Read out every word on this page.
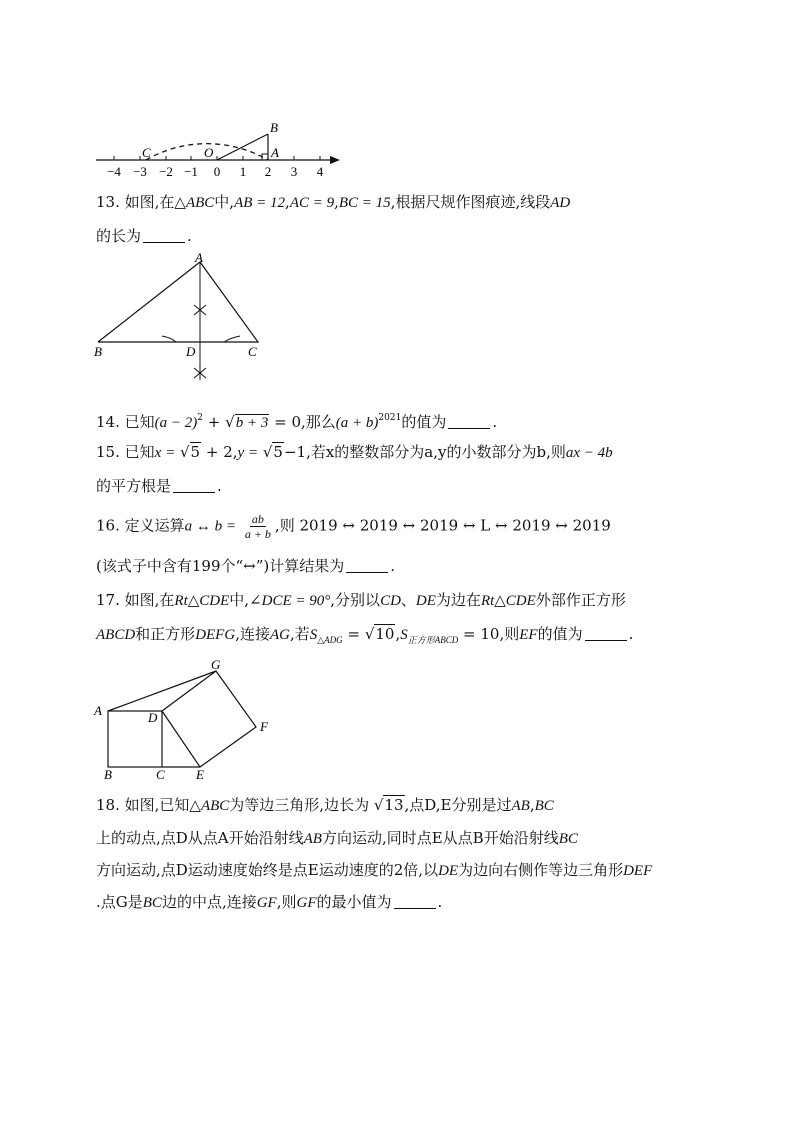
−4 −3 −2 −1 0 1 2 3 4
C	O	A
B
13. 如图,在△ABC中,AB = 12,AC = 9,BC = 15,根据尺规作图痕迹,线段AD
的长为	.
A
B	D	C
14. 已知$(a - 2)^2 + √b + 3 = 0$,那么$(a + b)^{2021}$的值为	.
15. 已知x = √5 + 2,y = √5−1,若x的整数部分为a,y的小数部分为b,则ax − 4b
的平方根是	.
16. 定义运算a ↔ $b = \frac{ab}{a + b}$ ,则 2019 ↔ 2019 ↔ 2019 ↔ L ↔ 2019 ↔ 2019
(该式子中含有199个“↔”)计算结果为	.
17. 如图,在Rt△CDE中,∠DCE = 90°,分别以CD、DE为边在Rt△CDE外部作正方形
ABCD和正方形DEFG,连接AG,若$S_{\triangle ADG} = √10,S_{正方形ABCD} = 10$,则EF的值为	.
A
B	C
D
E
F
G
18. 如图,已知△ABC为等边三角形,边长为 √13,点D,E分别是过AB,BC
上的动点,点D从点A开始沿射线AB方向运动,同时点E从点B开始沿射线BC
方向运动,点D运动速度始终是点E运动速度的2倍,以DE为边向右侧作等边三角形DEF
.点G是BC边的中点,连接GF,则GF的最小值为	.
